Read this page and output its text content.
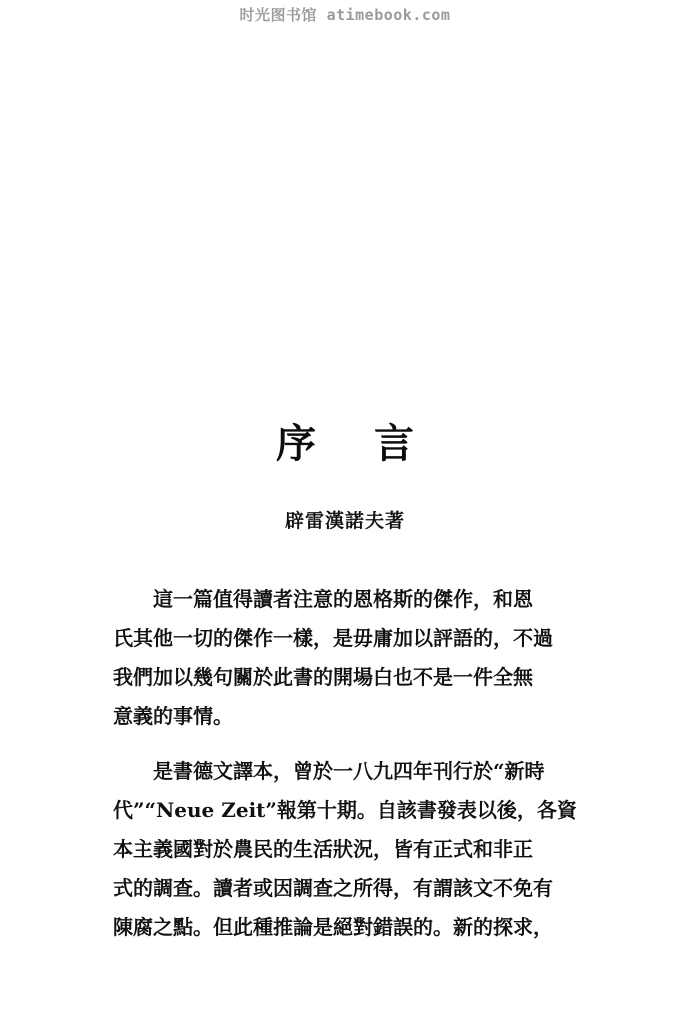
时光图书馆 atimebook.com
序 言
辟雷漢諾夫著
　　這一篇值得讀者注意的恩格斯的傑作，和恩
氏其他一切的傑作一樣，是毋庸加以評語的，不過
我們加以幾句關於此書的開場白也不是一件全無
意義的事情。
　　是書德文譯本，曾於一八九四年刊行於“新時
代”“Neue Zeit”報第十期。自該書發表以後，各資
本主義國對於農民的生活狀況，皆有正式和非正
式的調查。讀者或因調查之所得，有謂該文不免有
陳腐之點。但此種推論是絕對錯誤的。新的探求，
